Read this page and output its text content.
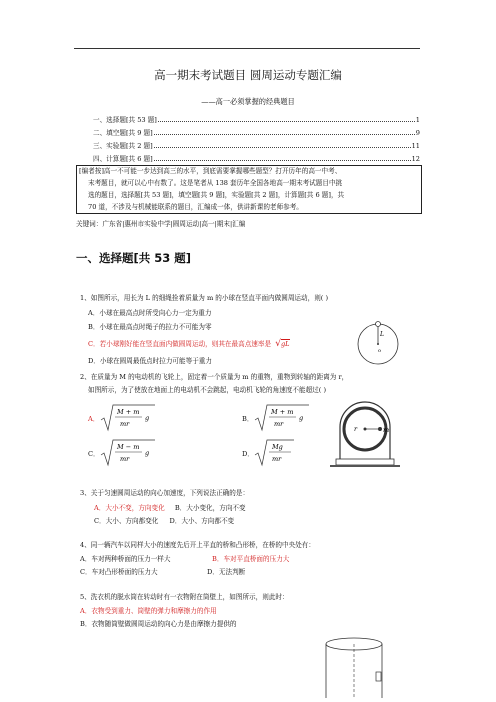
高一期末考试题目 圆周运动专题汇编
——高一必须掌握的经典题目
一、选择题[共 53 题]	1
二、填空题[共 9 题]	9
三、实验题[共 2 题]	11
四、计算题[共 6 题]	12
[编者按]高一不可能一步达到高三的水平，到底需要掌握哪些题型？打开历年的高一中考、
末考题目，就可以心中有数了。这是笔者从 138 套历年全国各地高一期末考试题目中挑
选的题目，选择题[共 53 题]，填空题[共 9 题]，实验题[共 2 题]，计算题[共 6 题]，共
70 道，不涉及与机械能联系的题目，汇编成一体，供讲新课的老师参考。
关键词：广东省|惠州市实验中学|圆周运动|高一|期末|汇编
一、选择题[共 53 题]
1、如图所示，用长为 L 的细绳拴着质量为 m 的小球在竖直平面内做圆周运动，则( )
A．小球在最高点时所受向心力一定为重力
B．小球在最高点时绳子的拉力不可能为零
C．若小球刚好能在竖直面内做圆周运动，则其在最高点速率是 √gL
D．小球在圆周最低点时拉力可能等于重力
L
o
2、在质量为 M 的电动机的飞轮上，固定着一个质量为 m 的重物，重物到转轴的距离为 r，
如图所示，为了使放在地面上的电动机不会跳起，电动机飞轮的角速度不能超过( )
A．
M + m
mr
g	B．
M + m
mr
g
C．
M − m
mr
g	D．
Mg
mr
r	m
3、关于匀速圆周运动的向心加速度，下列说法正确的是：
A．大小不变，方向变化 B．大小变化，方向不变
C．大小、方向都变化 D．大小、方向都不变
4、同一辆汽车以同样大小的速度先后开上平直的桥和凸形桥，在桥的中央处有：
A．车对两种桥面的压力一样大	B．车对平直桥面的压力大
C．车对凸形桥面的压力大	D．无法判断
5、洗衣机的脱水筒在转动时有一衣物附在筒壁上，如图所示，则此时：
A．衣物受到重力、筒壁的弹力和摩擦力的作用
B．衣物随筒壁做圆周运动的向心力是由摩擦力提供的
